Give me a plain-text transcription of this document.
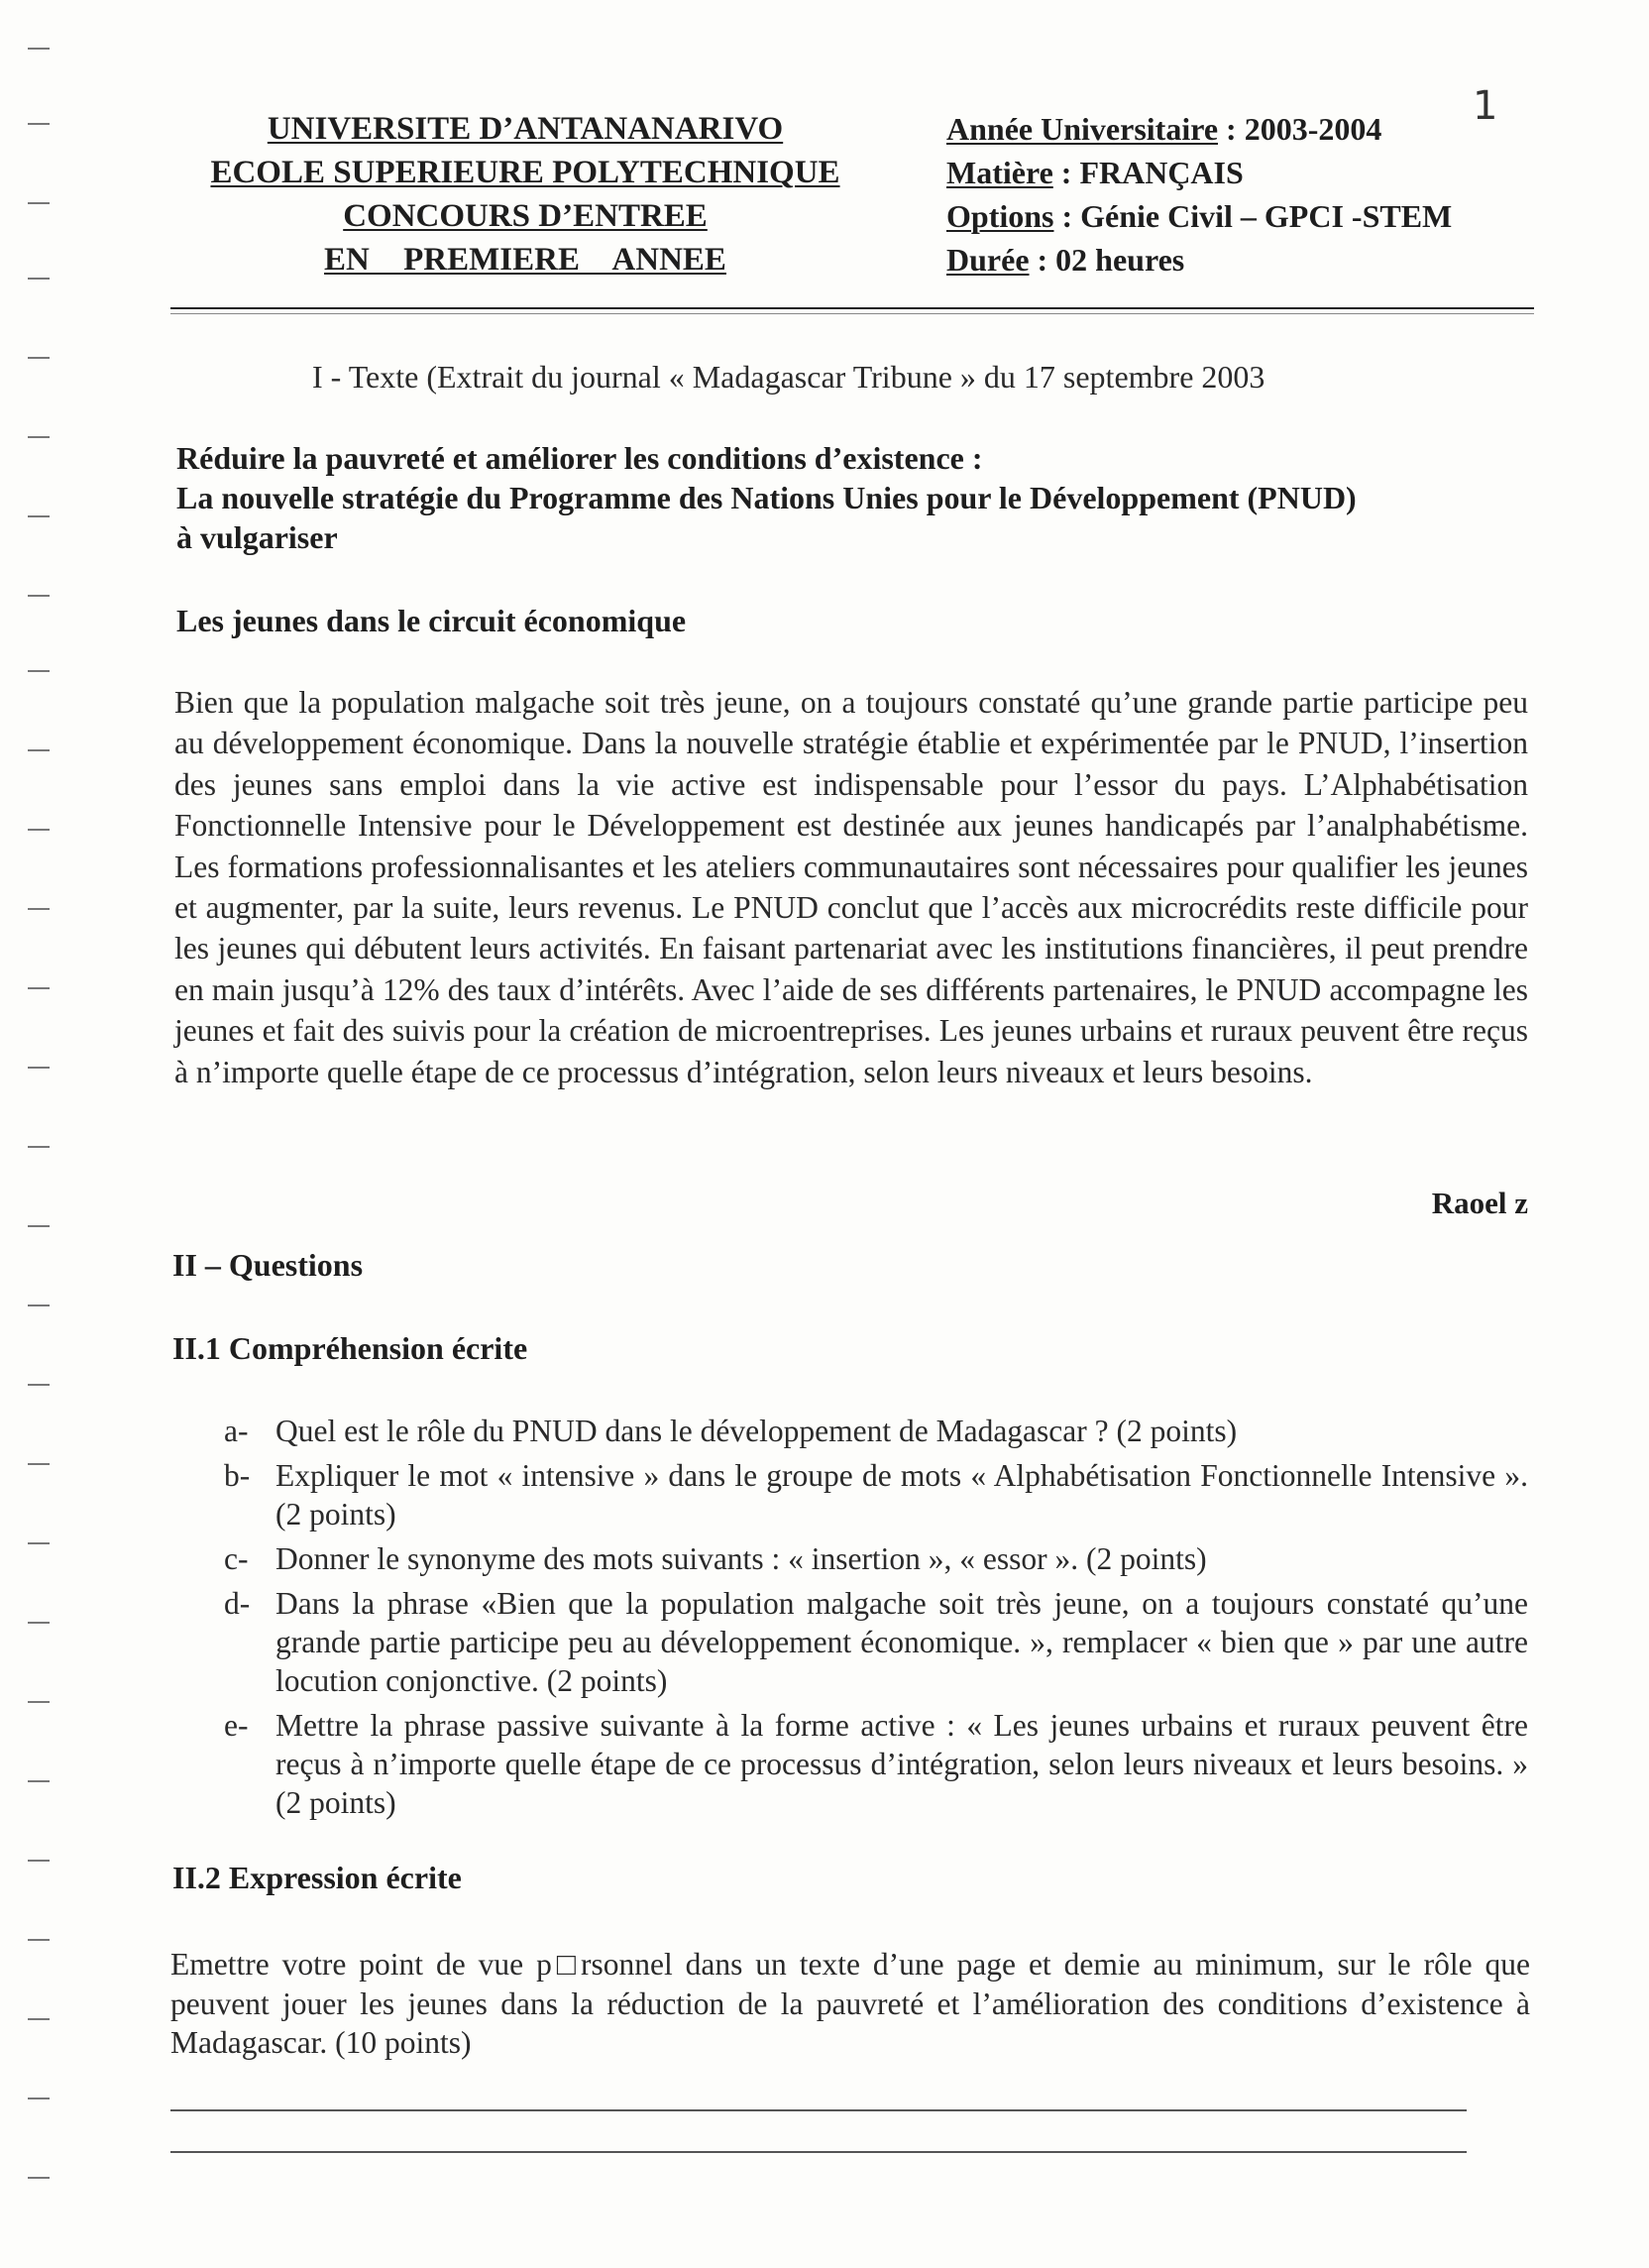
1
UNIVERSITE D’ANTANANARIVO
ECOLE SUPERIEURE POLYTECHNIQUE
CONCOURS D’ENTREE
EN PREMIERE ANNEE
Année Universitaire : 2003-2004
Matière : FRANÇAIS
Options : Génie Civil – GPCI -STEM
Durée : 02 heures
I - Texte (Extrait du journal « Madagascar Tribune » du 17 septembre 2003
Réduire la pauvreté et améliorer les conditions d’existence :
La nouvelle stratégie du Programme des Nations Unies pour le Développement (PNUD)
à vulgariser
Les jeunes dans le circuit économique
Bien que la population malgache soit très jeune, on a toujours constaté qu’une grande partie participe peu au développement économique. Dans la nouvelle stratégie établie et expérimentée par le PNUD, l’insertion des jeunes sans emploi dans la vie active est indispensable pour l’essor du pays. L’Alphabétisation Fonctionnelle Intensive pour le Développement est destinée aux jeunes handicapés par l’analphabétisme. Les formations professionnalisantes et les ateliers communautaires sont nécessaires pour qualifier les jeunes et augmenter, par la suite, leurs revenus. Le PNUD conclut que l’accès aux microcrédits reste difficile pour les jeunes qui débutent leurs activités. En faisant partenariat avec les institutions financières, il peut prendre en main jusqu’à 12% des taux d’intérêts. Avec l’aide de ses différents partenaires, le PNUD accompagne les jeunes et fait des suivis pour la création de microentreprises. Les jeunes urbains et ruraux peuvent être reçus à n’importe quelle étape de ce processus d’intégration, selon leurs niveaux et leurs besoins.
Raoel z
II – Questions
II.1 Compréhension écrite
a- Quel est le rôle du PNUD dans le développement de Madagascar ? (2 points)
b- Expliquer le mot « intensive » dans le groupe de mots « Alphabétisation Fonctionnelle Intensive ». (2 points)
c- Donner le synonyme des mots suivants : « insertion », « essor ». (2 points)
d- Dans la phrase «Bien que la population malgache soit très jeune, on a toujours constaté qu’une grande partie participe peu au développement économique. », remplacer « bien que » par une autre locution conjonctive. (2 points)
e- Mettre la phrase passive suivante à la forme active : « Les jeunes urbains et ruraux peuvent être reçus à n’importe quelle étape de ce processus d’intégration, selon leurs niveaux et leurs besoins. » (2 points)
II.2 Expression écrite
Emettre votre point de vue p□rsonnel dans un texte d’une page et demie au minimum, sur le rôle que peuvent jouer les jeunes dans la réduction de la pauvreté et l’amélioration des conditions d’existence à Madagascar. (10 points)
